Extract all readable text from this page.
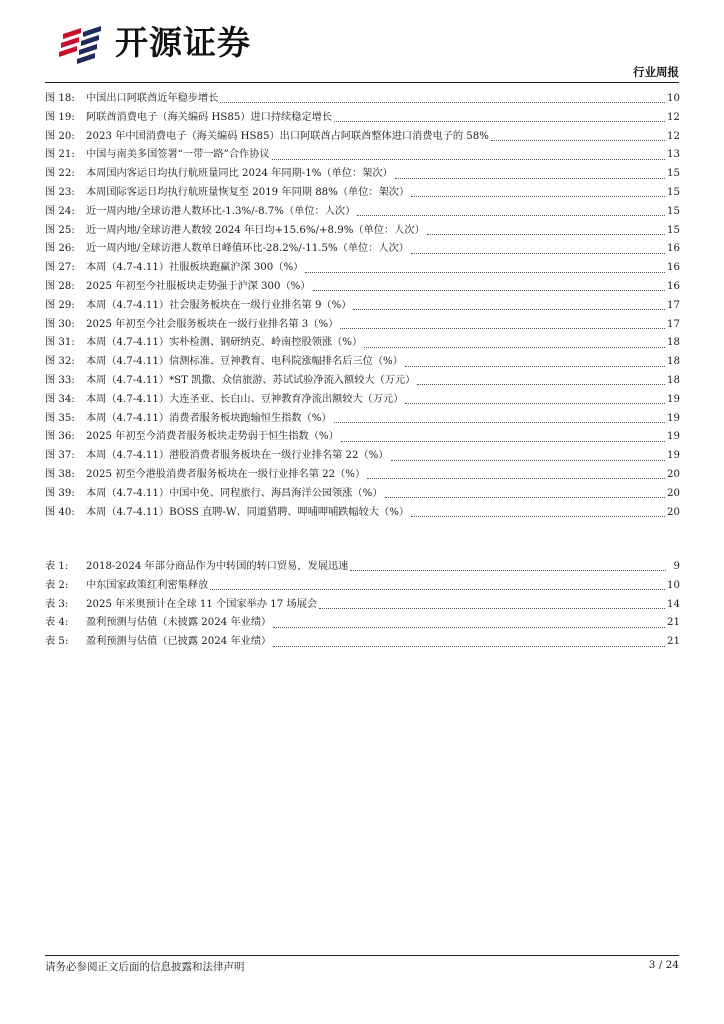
开源证券
行业周报
图 18:	中国出口阿联酋近年稳步增长	10
图 19:	阿联酋消费电子（海关编码 HS85）进口持续稳定增长	12
图 20:	2023 年中国消费电子（海关编码 HS85）出口阿联酋占阿联酋整体进口消费电子的 58%	12
图 21:	中国与南美多国签署“一带一路”合作协议	13
图 22:	本周国内客运日均执行航班量同比 2024 年同期-1%（单位：架次）	15
图 23:	本周国际客运日均执行航班量恢复至 2019 年同期 88%（单位：架次）	15
图 24:	近一周内地/全球访港人数环比-1.3%/-8.7%（单位：人次）	15
图 25:	近一周内地/全球访港人数较 2024 年日均+15.6%/+8.9%（单位：人次）	15
图 26:	近一周内地/全球访港人数单日峰值环比-28.2%/-11.5%（单位：人次）	16
图 27:	本周（4.7-4.11）社服板块跑赢沪深 300（%）	16
图 28:	2025 年初至今社服板块走势强于沪深 300（%）	16
图 29:	本周（4.7-4.11）社会服务板块在一级行业排名第 9（%）	17
图 30:	2025 年初至今社会服务板块在一级行业排名第 3（%）	17
图 31:	本周（4.7-4.11）实朴检测、钢研纳克、岭南控股领涨（%）	18
图 32:	本周（4.7-4.11）信测标准、豆神教育、电科院涨幅排名后三位（%）	18
图 33:	本周（4.7-4.11）*ST 凯撒、众信旅游、苏试试验净流入额较大（万元）	18
图 34:	本周（4.7-4.11）大连圣亚、长白山、豆神教育净流出额较大（万元）	19
图 35:	本周（4.7-4.11）消费者服务板块跑输恒生指数（%）	19
图 36:	2025 年初至今消费者服务板块走势弱于恒生指数（%）	19
图 37:	本周（4.7-4.11）港股消费者服务板块在一级行业排名第 22（%）	19
图 38:	2025 初至今港股消费者服务板块在一级行业排名第 22（%）	20
图 39:	本周（4.7-4.11）中国中免、同程旅行、海昌海洋公园领涨（%）	20
图 40:	本周（4.7-4.11）BOSS 直聘-W、同道猎聘、呷哺呷哺跌幅较大（%）	20
表 1:	2018-2024 年部分商品作为中转国的转口贸易，发展迅速	9
表 2:	中东国家政策红利密集释放	10
表 3:	2025 年米奥预计在全球 11 个国家举办 17 场展会	14
表 4:	盈利预测与估值（未披露 2024 年业绩）	21
表 5:	盈利预测与估值（已披露 2024 年业绩）	21
请务必参阅正文后面的信息披露和法律声明	3 / 24
